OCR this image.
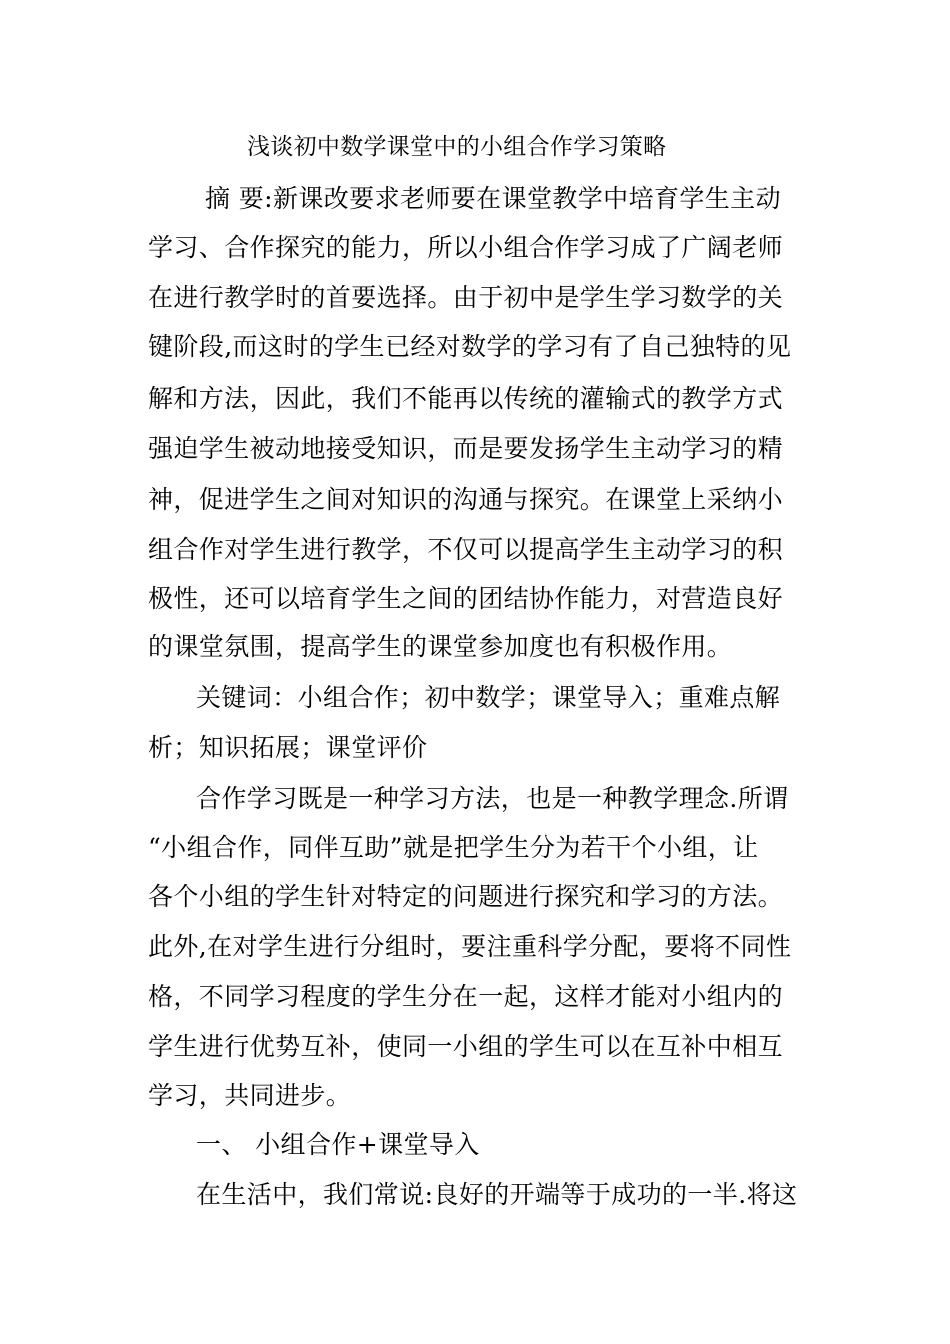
浅谈初中数学课堂中的小组合作学习策略
摘 要:新课改要求老师要在课堂教学中培育学生主动
学习、合作探究的能力，所以小组合作学习成了广阔老师
在进行教学时的首要选择。由于初中是学生学习数学的关
键阶段,而这时的学生已经对数学的学习有了自己独特的见
解和方法，因此，我们不能再以传统的灌输式的教学方式
强迫学生被动地接受知识，而是要发扬学生主动学习的精
神，促进学生之间对知识的沟通与探究。在课堂上采纳小
组合作对学生进行教学，不仅可以提高学生主动学习的积
极性，还可以培育学生之间的团结协作能力，对营造良好
的课堂氛围，提高学生的课堂参加度也有积极作用。
关键词：小组合作；初中数学；课堂导入；重难点解
析；知识拓展；课堂评价
合作学习既是一种学习方法，也是一种教学理念.所谓
“小组合作，同伴互助”就是把学生分为若干个小组，让
各个小组的学生针对特定的问题进行探究和学习的方法。
此外,在对学生进行分组时，要注重科学分配，要将不同性
格，不同学习程度的学生分在一起，这样才能对小组内的
学生进行优势互补，使同一小组的学生可以在互补中相互
学习，共同进步。
一、 小组合作+课堂导入
在生活中，我们常说:良好的开端等于成功的一半.将这
